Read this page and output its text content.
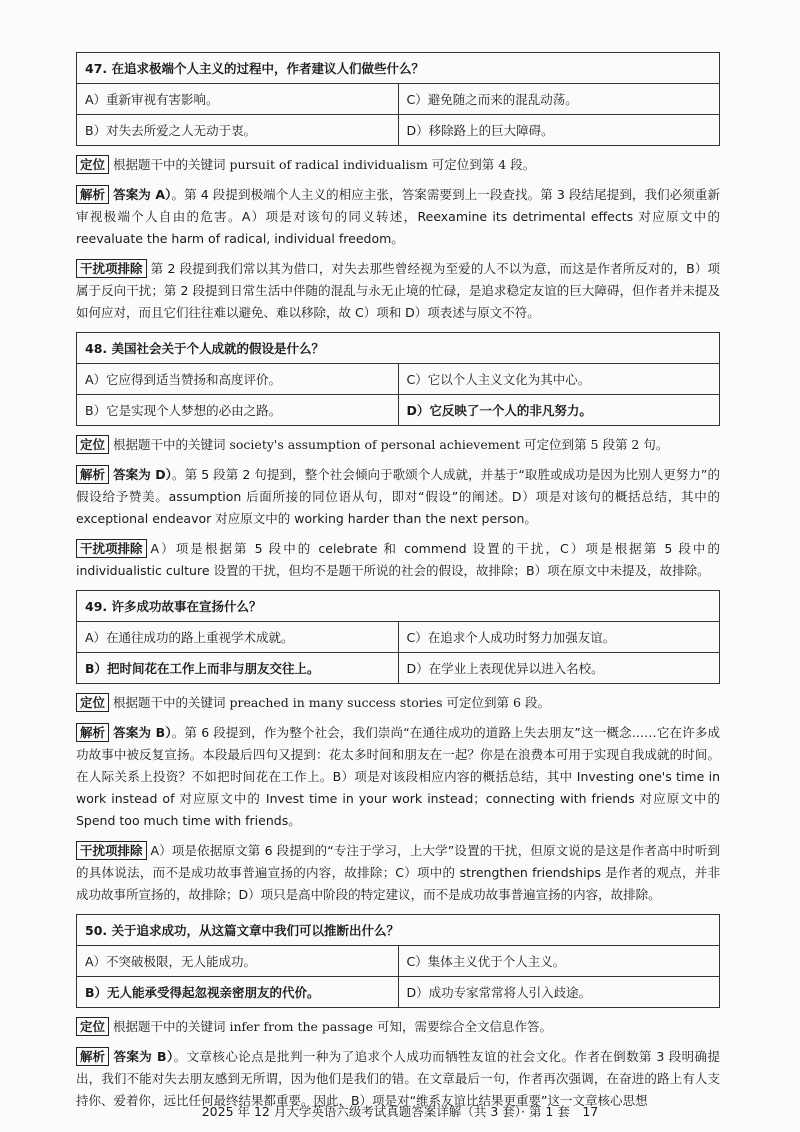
47. 在追求极端个人主义的过程中，作者建议人们做些什么？	
A）重新审视有害影响。	C）避免随之而来的混乱动荡。
B）对失去所爱之人无动于衷。	D）移除路上的巨大障碍。

定位 根据题干中的关键词 pursuit of radical individualism 可定位到第 4 段。

解析 答案为 A）。第 4 段提到极端个人主义的相应主张，答案需要到上一段查找。第 3 段结尾提到，我们必须重新审视极端个人自由的危害。A）项是对该句的同义转述，Reexamine its detrimental effects 对应原文中的 reevaluate the harm of radical, individual freedom。

干扰项排除 第 2 段提到我们常以其为借口，对失去那些曾经视为至爱的人不以为意，而这是作者所反对的，B）项属于反向干扰；第 2 段提到日常生活中伴随的混乱与永无止境的忙碌，是追求稳定友谊的巨大障碍，但作者并未提及如何应对，而且它们往往难以避免、难以移除，故 C）项和 D）项表述与原文不符。

48. 美国社会关于个人成就的假设是什么？	
A）它应得到适当赞扬和高度评价。	C）它以个人主义文化为其中心。
B）它是实现个人梦想的必由之路。	D）它反映了一个人的非凡努力。

定位 根据题干中的关键词 society's assumption of personal achievement 可定位到第 5 段第 2 句。

解析 答案为 D）。第 5 段第 2 句提到，整个社会倾向于歌颂个人成就，并基于“取胜或成功是因为比别人更努力”的假设给予赞美。assumption 后面所接的同位语从句，即对“假设”的阐述。D）项是对该句的概括总结，其中的 exceptional endeavor 对应原文中的 working harder than the next person。

干扰项排除 A）项是根据第 5 段中的 celebrate 和 commend 设置的干扰，C）项是根据第 5 段中的 individualistic culture 设置的干扰，但均不是题干所说的社会的假设，故排除；B）项在原文中未提及，故排除。

49. 许多成功故事在宣扬什么？	
A）在通往成功的路上重视学术成就。	C）在追求个人成功时努力加强友谊。
B）把时间花在工作上而非与朋友交往上。	D）在学业上表现优异以进入名校。

定位 根据题干中的关键词 preached in many success stories 可定位到第 6 段。

解析 答案为 B）。第 6 段提到，作为整个社会，我们崇尚“在通往成功的道路上失去朋友”这一概念……它在许多成功故事中被反复宣扬。本段最后四句又提到：花太多时间和朋友在一起？你是在浪费本可用于实现自我成就的时间。在人际关系上投资？不如把时间花在工作上。B）项是对该段相应内容的概括总结，其中 Investing one's time in work instead of 对应原文中的 Invest time in your work instead；connecting with friends 对应原文中的 Spend too much time with friends。

干扰项排除 A）项是依据原文第 6 段提到的“专注于学习，上大学”设置的干扰，但原文说的是这是作者高中时听到的具体说法，而不是成功故事普遍宣扬的内容，故排除；C）项中的 strengthen friendships 是作者的观点，并非成功故事所宣扬的，故排除；D）项只是高中阶段的特定建议，而不是成功故事普遍宣扬的内容，故排除。

50. 关于追求成功，从这篇文章中我们可以推断出什么？	
A）不突破极限，无人能成功。	C）集体主义优于个人主义。
B）无人能承受得起忽视亲密朋友的代价。	D）成功专家常常将人引入歧途。

定位 根据题干中的关键词 infer from the passage 可知，需要综合全文信息作答。

解析 答案为 B）。文章核心论点是批判一种为了追求个人成功而牺牲友谊的社会文化。作者在倒数第 3 段明确提出，我们不能对失去朋友感到无所谓，因为他们是我们的错。在文章最后一句，作者再次强调，在奋进的路上有人支持你、爱着你，远比任何最终结果都重要。因此，B）项是对“维系友谊比结果更重要”这一文章核心思想

2025 年 12 月大学英语六级考试真题答案详解（共 3 套）· 第 1 套　17
